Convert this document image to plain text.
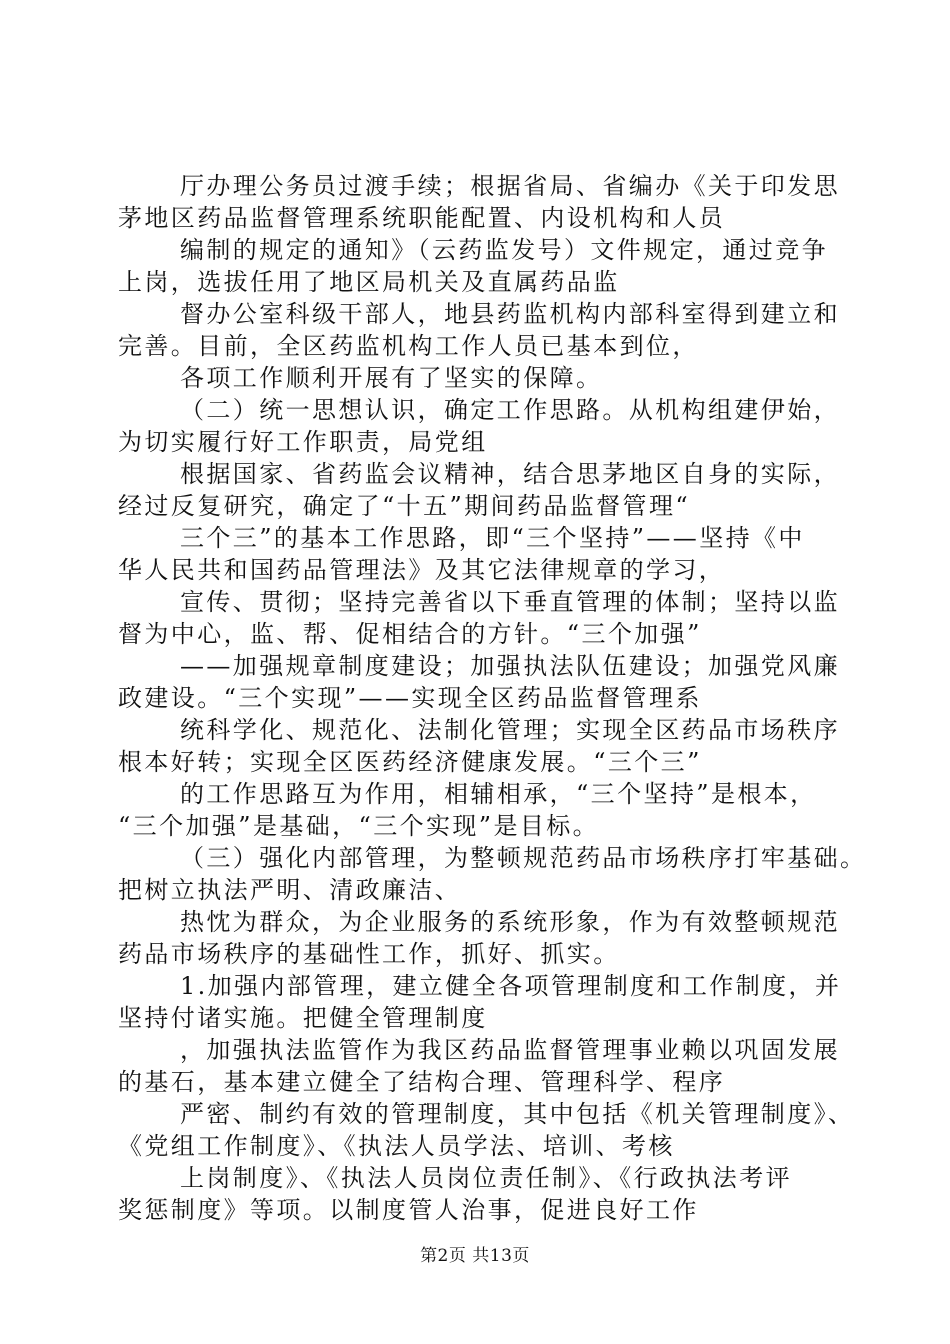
厅办理公务员过渡手续；根据省局、省编办《关于印发思
茅地区药品监督管理系统职能配置、内设机构和人员

编制的规定的通知》（云药监发号）文件规定，通过竞争
上岗，选拔任用了地区局机关及直属药品监

督办公室科级干部人，地县药监机构内部科室得到建立和
完善。目前，全区药监机构工作人员已基本到位，

各项工作顺利开展有了坚实的保障。

（二）统一思想认识，确定工作思路。从机构组建伊始，
为切实履行好工作职责，局党组

根据国家、省药监会议精神，结合思茅地区自身的实际，
经过反复研究，确定了“十五”期间药品监督管理“

三个三”的基本工作思路，即“三个坚持”——坚持《中
华人民共和国药品管理法》及其它法律规章的学习，

宣传、贯彻；坚持完善省以下垂直管理的体制；坚持以监
督为中心，监、帮、促相结合的方针。“三个加强”

——加强规章制度建设；加强执法队伍建设；加强党风廉
政建设。“三个实现”——实现全区药品监督管理系

统科学化、规范化、法制化管理；实现全区药品市场秩序
根本好转；实现全区医药经济健康发展。“三个三”

的工作思路互为作用，相辅相承，“三个坚持”是根本，
“三个加强”是基础，“三个实现”是目标。

（三）强化内部管理，为整顿规范药品市场秩序打牢基础。
把树立执法严明、清政廉洁、

热忱为群众，为企业服务的系统形象，作为有效整顿规范
药品市场秩序的基础性工作，抓好、抓实。

1.加强内部管理，建立健全各项管理制度和工作制度，并
坚持付诸实施。把健全管理制度

，加强执法监管作为我区药品监督管理事业赖以巩固发展
的基石，基本建立健全了结构合理、管理科学、程序

严密、制约有效的管理制度，其中包括《机关管理制度》、
《党组工作制度》、《执法人员学法、培训、考核

上岗制度》、《执法人员岗位责任制》、《行政执法考评
奖惩制度》等项。以制度管人治事，促进良好工作

第2页 共13页
